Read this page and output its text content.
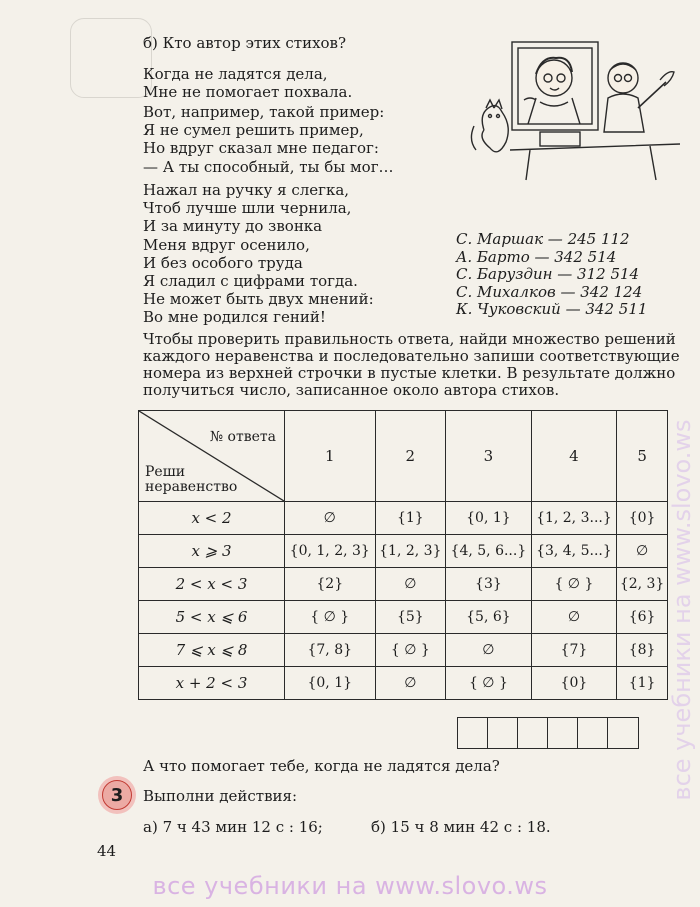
б) Кто автор этих стихов?
Когда не ладятся дела,
Мне не помогает похвала.
Вот, например, такой пример:
Я не сумел решить пример,
Но вдруг сказал мне педагог:
— А ты способный, ты бы мог…
Нажал на ручку я слегка,
Чтоб лучше шли чернила,
И за минуту до звонка
Меня вдруг осенило,
И без особого труда
Я сладил с цифрами тогда.
Не может быть двух мнений:
Во мне родился гений!
С. Маршак — 245 112
А. Барто — 342 514
С. Баруздин — 312 514
С. Михалков — 342 124
К. Чуковский — 342 511
Чтобы проверить правильность ответа, найди множество решений
каждого неравенства и последовательно запиши соответствующие
номера из верхней строчки в пустые клетки. В результате должно
получиться число, записанное около автора стихов.
№ ответа
Реши
неравенство	1	2	3	4	5
x < 2	∅	{1}	{0, 1}	{1, 2, 3...}	{0}
x ⩾ 3	{0, 1, 2, 3}	{1, 2, 3}	{4, 5, 6...}	{3, 4, 5...}	∅
2 < x < 3	{2}	∅	{3}	{ ∅ }	{2, 3}
5 < x ⩽ 6	{ ∅ }	{5}	{5, 6}	∅	{6}
7 ⩽ x ⩽ 8	{7, 8}	{ ∅ }	∅	{7}	{8}
x + 2 < 3	{0, 1}	∅	{ ∅ }	{0}	{1}
А что помогает тебе, когда не ладятся дела?
3	Выполни действия:
а) 7 ч 43 мин 12 с : 16;	б) 15 ч 8 мин 42 с : 18.
44
все учебники на www.slovo.ws
все учебники на www.slovo.ws
